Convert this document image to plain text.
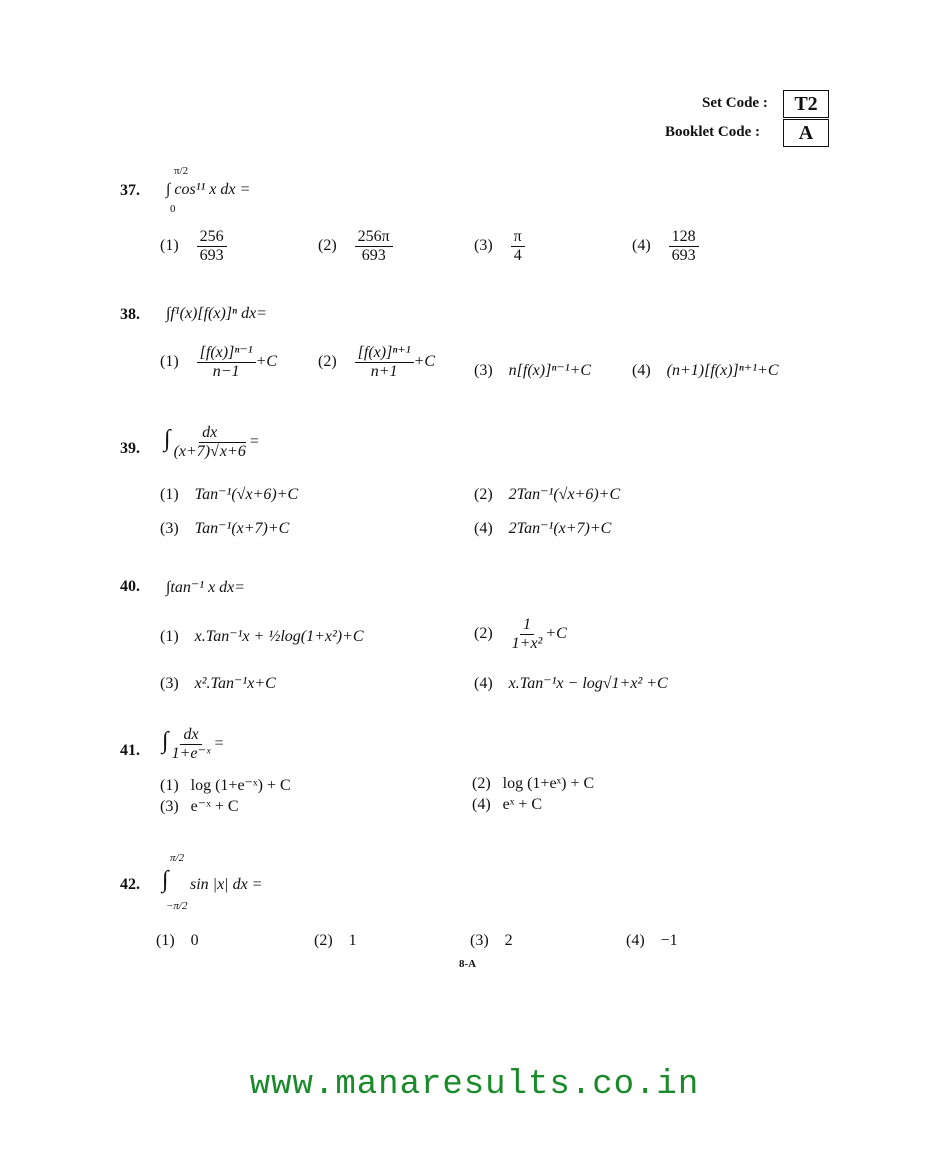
Set Code :	T2
Booklet Code :	A
37.
π/2
0
∫ cos¹¹ x dx =
$(1) \frac{256}{693}$	$(2) \frac{256\pi}{693}$	$(3) \frac{\pi}{4}$	$(4) \frac{128}{693}$
38. ∫f¹(x)[f(x)]ⁿ dx=
$(1) \frac{\text{[f(x)]ⁿ⁻¹}}{n-1} +C$	$(2) \frac{\text{[f(x)]ⁿ⁺¹}}{n+1} +C$
(3) n[f(x)]ⁿ⁻¹+C	(4) (n+1)[f(x)]ⁿ⁺¹+C
39. ∫ $\frac{dx}{(x+7)√x+6}$ =
(1) Tan⁻¹(√x+6)+C	(2) 2Tan⁻¹(√x+6)+C
(3) Tan⁻¹(x+7)+C	(4) 2Tan⁻¹(x+7)+C
40. ∫tan⁻¹ x dx=
(1) x.Tan⁻¹x + ½log(1+x²)+C	$(2) \frac{1}{\text{1+x²}} +C$
(3) x².Tan⁻¹x+C	(4) x.Tan⁻¹x − log√1+x² +C
41. ∫ $\frac{dx}{\text{1+e⁻ˣ}}$ =
(1) log (1+e⁻ˣ) + C	(2) log (1+eˣ) + C
(3) e⁻ˣ + C	(4) eˣ + C
42.
π/2
∫
−π/2
sin |x| dx =
(1) 0	(2) 1	(3) 2	(4) −1
8-A
www.manaresults.co.in
